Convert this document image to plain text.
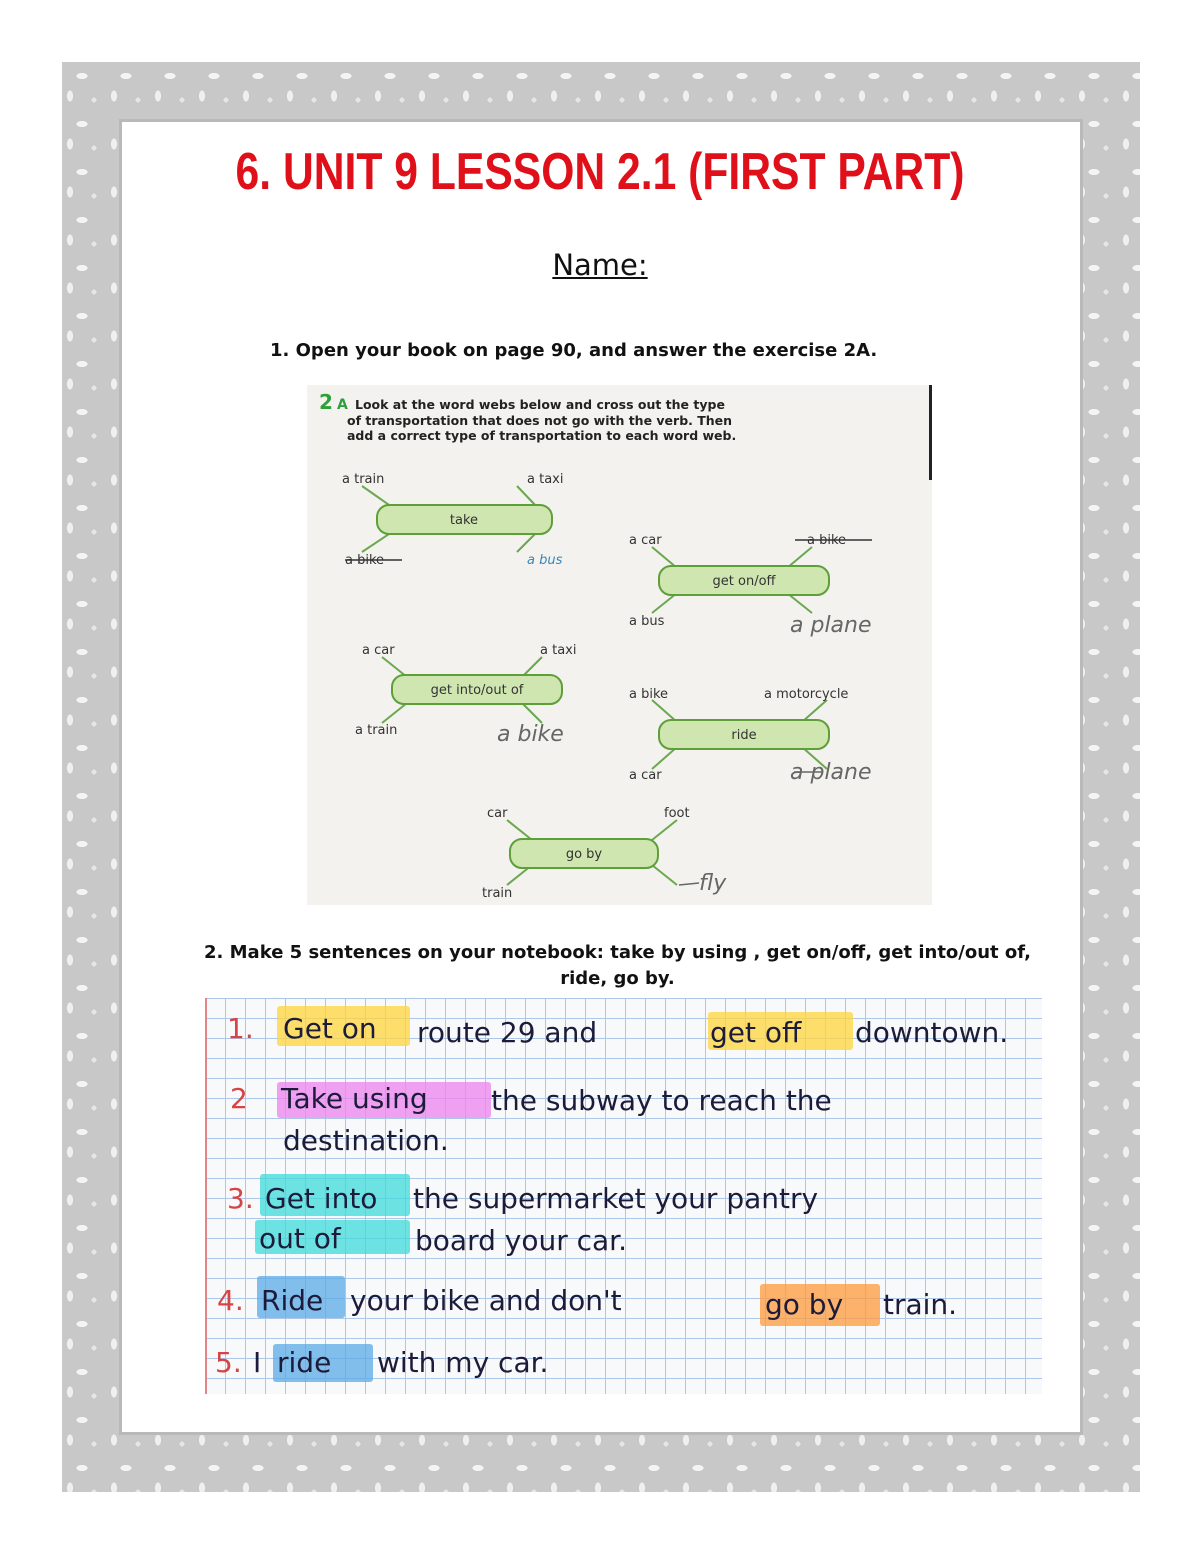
6. UNIT 9 LESSON 2.1 (FIRST PART)
Name:
1. Open your book on page 90, and answer the exercise 2A.
2 A Look at the word webs below and cross out the type
of transportation that does not go with the verb. Then
add a correct type of transportation to each word web.
take
a train	a taxi
a bike	a bus
get on/off
a car	a bike
a bus	a plane
get into/out of
a car	a taxi
a train	a bike	ride
a bike	a motorcycle
a car	a plane
go by
car	foot
train	fly
2. Make 5 sentences on your notebook: take by using , get on/off, get into/out of, ride, go by.
1. Get on route 29 and	get off downtown.
2 Take using the subway to reach the
destination.
3. Get into the supermarket your pantry
out of	board your car.
4. Ride your bike and don't	go by train.
5. I ride with my car.
